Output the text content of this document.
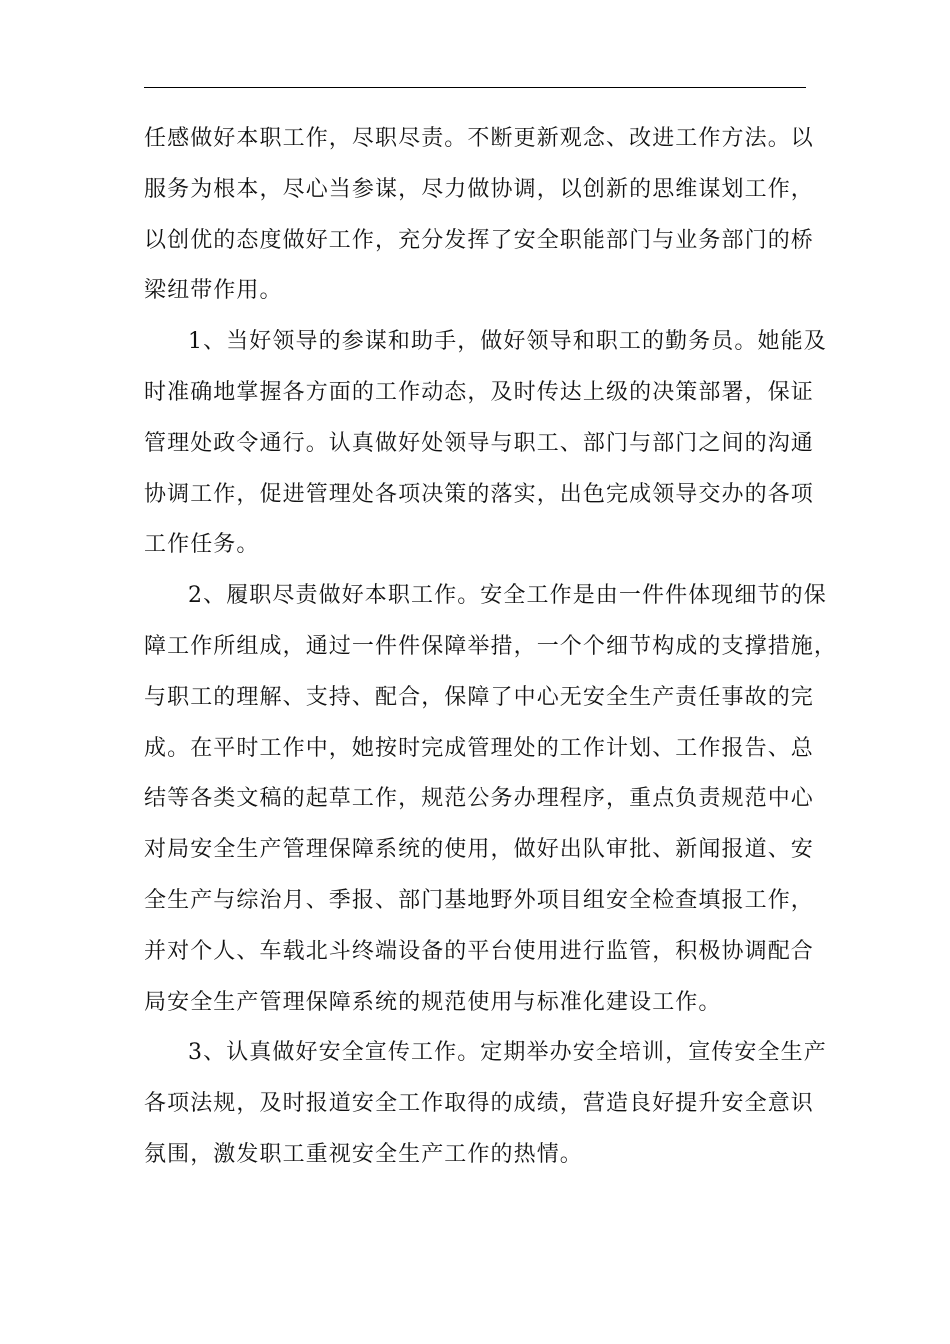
任感做好本职工作，尽职尽责。不断更新观念、改进工作方法。以
服务为根本，尽心当参谋，尽力做协调，以创新的思维谋划工作，
以创优的态度做好工作，充分发挥了安全职能部门与业务部门的桥
梁纽带作用。
1、当好领导的参谋和助手，做好领导和职工的勤务员。她能及
时准确地掌握各方面的工作动态，及时传达上级的决策部署，保证
管理处政令通行。认真做好处领导与职工、部门与部门之间的沟通
协调工作，促进管理处各项决策的落实，出色完成领导交办的各项
工作任务。
2、履职尽责做好本职工作。安全工作是由一件件体现细节的保
障工作所组成，通过一件件保障举措，一个个细节构成的支撑措施，
与职工的理解、支持、配合，保障了中心无安全生产责任事故的完
成。在平时工作中，她按时完成管理处的工作计划、工作报告、总
结等各类文稿的起草工作，规范公务办理程序，重点负责规范中心
对局安全生产管理保障系统的使用，做好出队审批、新闻报道、安
全生产与综治月、季报、部门基地野外项目组安全检查填报工作，
并对个人、车载北斗终端设备的平台使用进行监管，积极协调配合
局安全生产管理保障系统的规范使用与标准化建设工作。
3、认真做好安全宣传工作。定期举办安全培训，宣传安全生产
各项法规，及时报道安全工作取得的成绩，营造良好提升安全意识
氛围，激发职工重视安全生产工作的热情。
